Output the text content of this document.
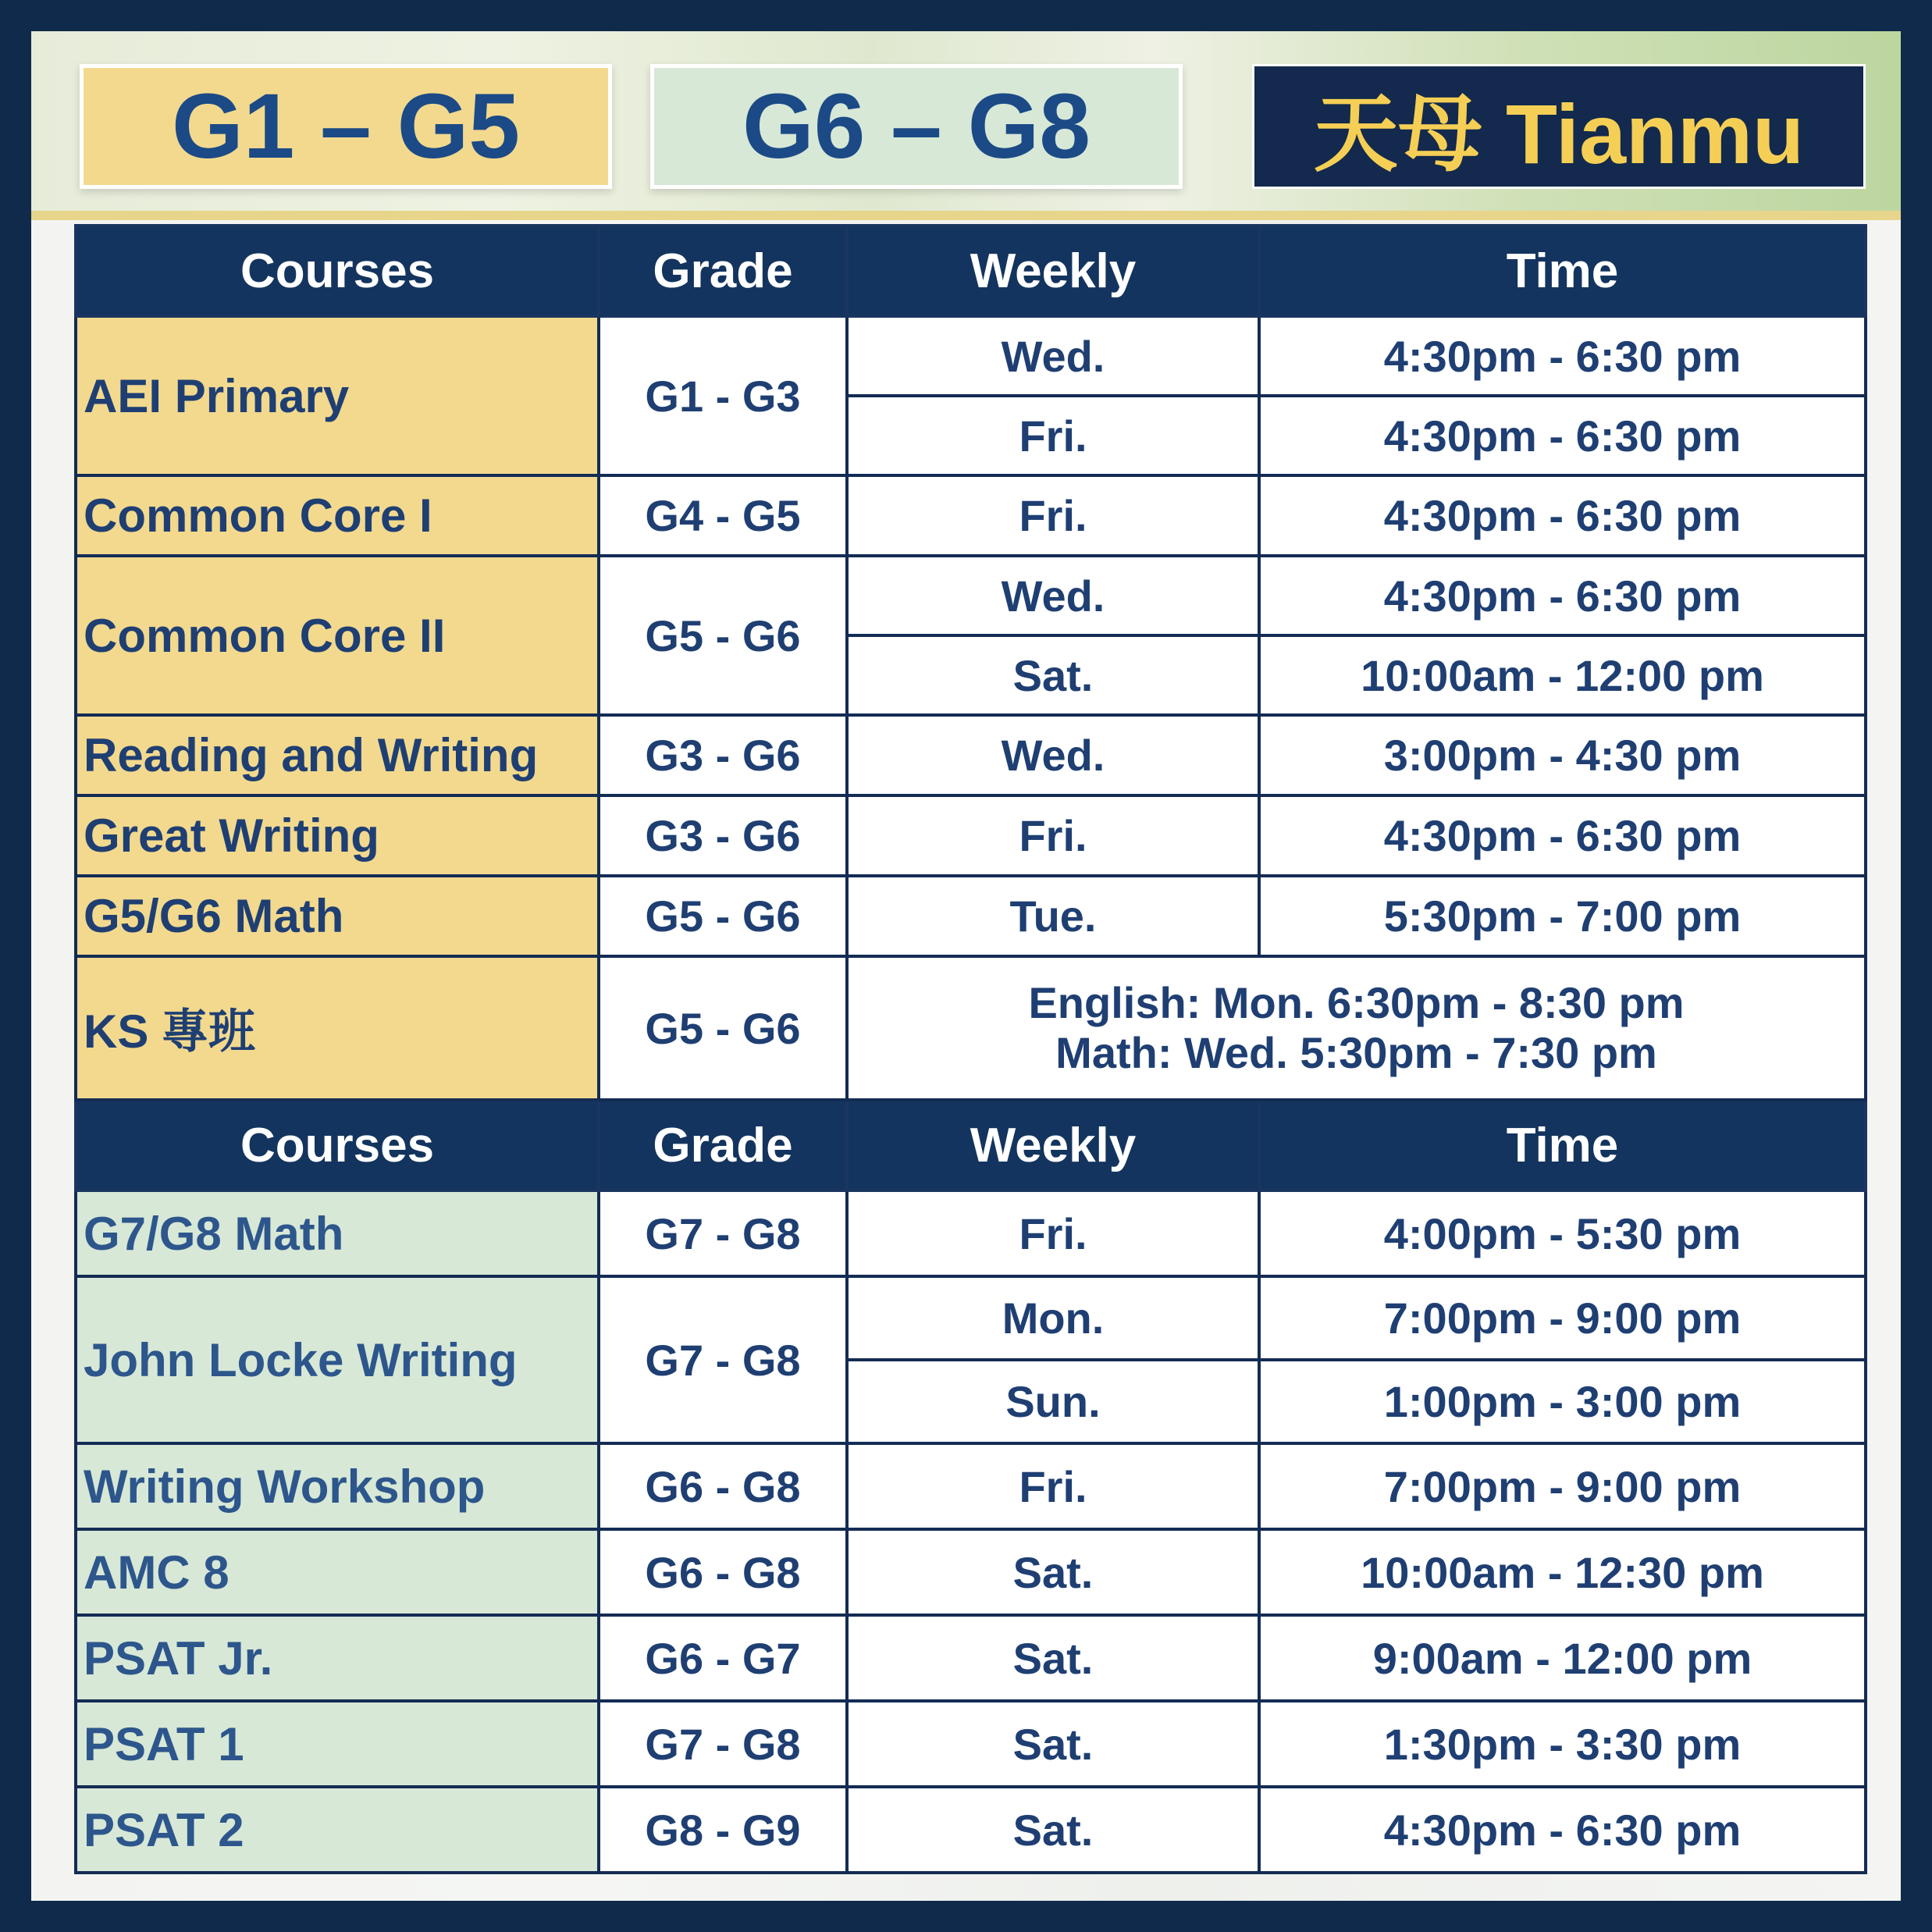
G1 – G5	G6 – G8	天母 Tianmu
Courses	Grade	Weekly	Time
AEI Primary	G1 - G3	Wed.	4:30pm - 6:30 pm
		Fri.	4:30pm - 6:30 pm
Common Core I	G4 - G5	Fri.	4:30pm - 6:30 pm
Common Core II	G5 - G6	Wed.	4:30pm - 6:30 pm
		Sat.	10:00am - 12:00 pm
Reading and Writing	G3 - G6	Wed.	3:00pm - 4:30 pm
Great Writing	G3 - G6	Fri.	4:30pm - 6:30 pm
G5/G6 Math	G5 - G6	Tue.	5:30pm - 7:00 pm
KS 專班	G5 - G6	English: Mon. 6:30pm - 8:30 pm
Math: Wed. 5:30pm - 7:30 pm	

Courses	Grade	Weekly	Time
G7/G8 Math	G7 - G8	Fri.	4:00pm - 5:30 pm
John Locke Writing	G7 - G8	Mon.	7:00pm - 9:00 pm
		Sun.	1:00pm - 3:00 pm
Writing Workshop	G6 - G8	Fri.	7:00pm - 9:00 pm
AMC 8	G6 - G8	Sat.	10:00am - 12:30 pm
PSAT Jr.	G6 - G7	Sat.	9:00am - 12:00 pm
PSAT 1	G7 - G8	Sat.	1:30pm - 3:30 pm
PSAT 2	G8 - G9	Sat.	4:30pm - 6:30 pm
